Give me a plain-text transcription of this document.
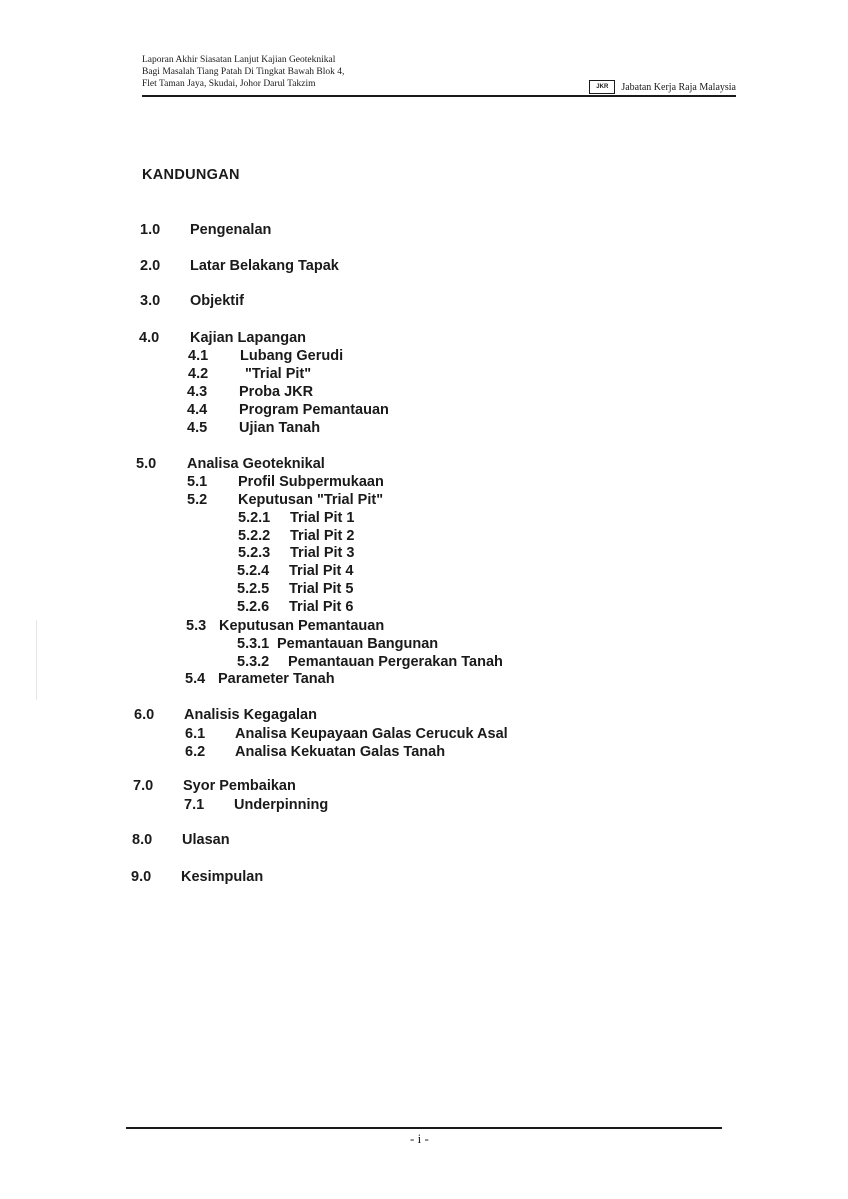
Laporan Akhir Siasatan Lanjut Kajian Geoteknikal
Bagi Masalah Tiang Patah Di Tingkat Bawah Blok 4,
Flet Taman Jaya, Skudai, Johor Darul Takzim	JKR	Jabatan Kerja Raja Malaysia
KANDUNGAN
1.0 Pengenalan
2.0 Latar Belakang Tapak
3.0 Objektif
4.0 Kajian Lapangan
4.1 Lubang Gerudi
4.2	"Trial Pit"
4.3 Proba JKR
4.4 Program Pemantauan
4.5 Ujian Tanah
5.0 Analisa Geoteknikal
5.1 Profil Subpermukaan
5.2 Keputusan "Trial Pit"
5.2.1 Trial Pit 1
5.2.2 Trial Pit 2
5.2.3 Trial Pit 3
5.2.4 Trial Pit 4
5.2.5 Trial Pit 5
5.2.6 Trial Pit 6
5.3 Keputusan Pemantauan
5.3.1 Pemantauan Bangunan
5.3.2 Pemantauan Pergerakan Tanah
5.4 Parameter Tanah
6.0 Analisis Kegagalan
6.1 Analisa Keupayaan Galas Cerucuk Asal
6.2 Analisa Kekuatan Galas Tanah
7.0 Syor Pembaikan
7.1 Underpinning
8.0 Ulasan
9.0 Kesimpulan
- i -
